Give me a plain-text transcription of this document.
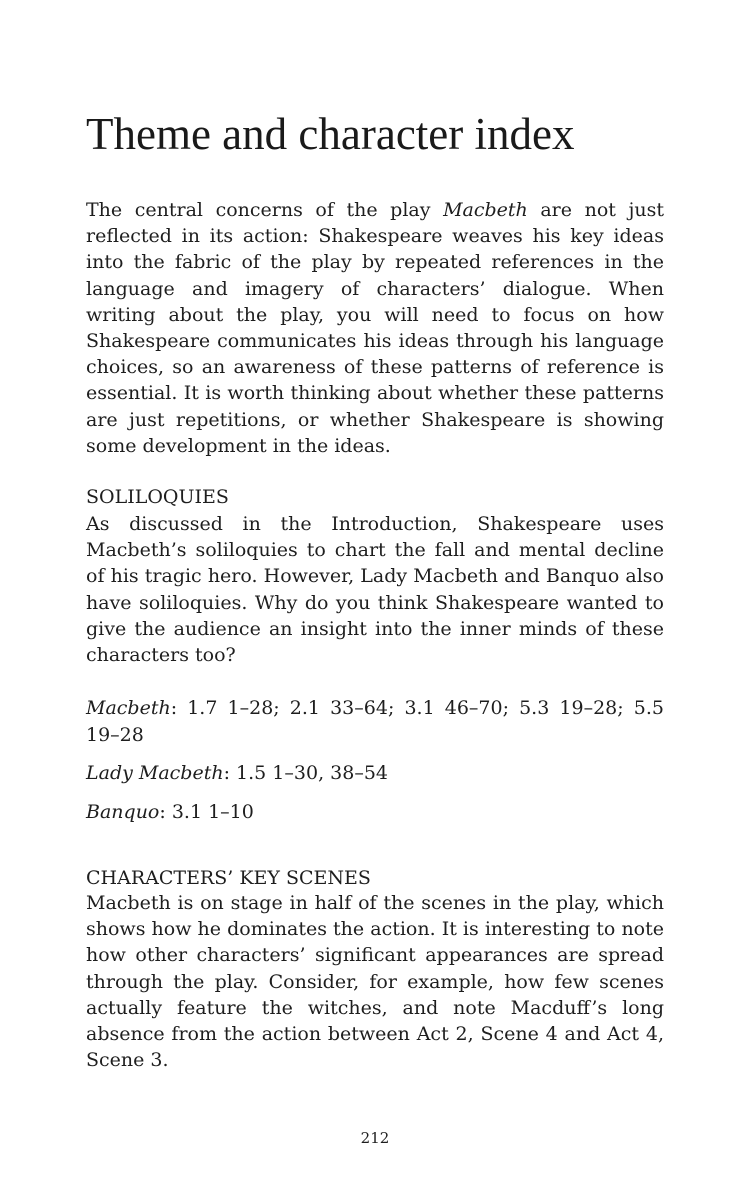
Theme and character index

The central concerns of the play Macbeth are not just reflected in its action: Shakespeare weaves his key ideas into the fabric of the play by repeated references in the language and imagery of characters’ dialogue. When writing about the play, you will need to focus on how Shakespeare communicates his ideas through his language choices, so an awareness of these patterns of reference is essential. It is worth thinking about whether these patterns are just repetitions, or whether Shakespeare is showing some development in the ideas.

SOLILOQUIES

As discussed in the Introduction, Shakespeare uses Macbeth’s soliloquies to chart the fall and mental decline of his tragic hero. However, Lady Macbeth and Banquo also have soliloquies. Why do you think Shakespeare wanted to give the audience an insight into the inner minds of these characters too?

Macbeth: 1.7 1–28; 2.1 33–64; 3.1 46–70; 5.3 19–28; 5.5 19–28

Lady Macbeth: 1.5 1–30, 38–54

Banquo: 3.1 1–10

CHARACTERS’ KEY SCENES

Macbeth is on stage in half of the scenes in the play, which shows how he dominates the action. It is interesting to note how other characters’ significant appearances are spread through the play. Consider, for example, how few scenes actually feature the witches, and note Macduff’s long absence from the action between Act 2, Scene 4 and Act 4, Scene 3.

212
